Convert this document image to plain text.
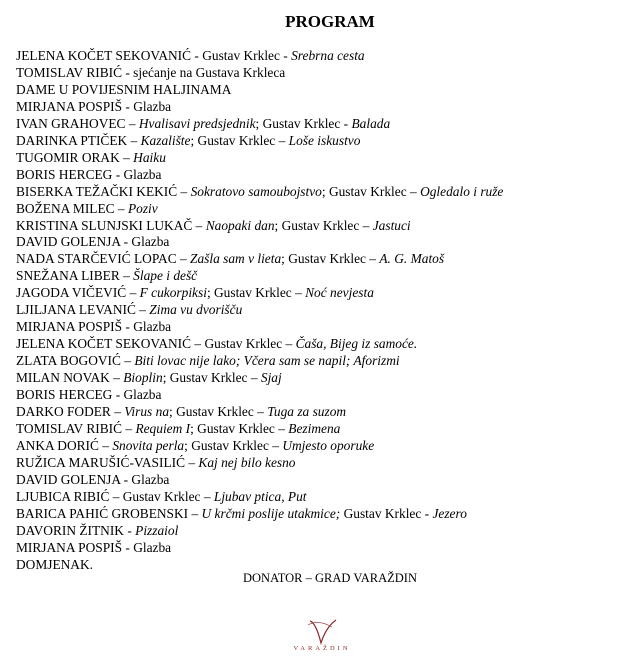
PROGRAM
JELENA KOČET SEKOVANIĆ - Gustav Krklec - Srebrna cesta
TOMISLAV RIBIĆ - sjećanje na Gustava Krkleca
DAME U POVIJESNIM HALJINAMA
MIRJANA POSPIŠ - Glazba
IVAN GRAHOVEC – Hvalisavi predsjednik; Gustav Krklec - Balada
DARINKA PTIČEK – Kazalište; Gustav Krklec – Loše iskustvo
TUGOMIR ORAK – Haiku
BORIS HERCEG - Glazba
BISERKA TEŽAČKI KEKIĆ – Sokratovo samoubojstvo; Gustav Krklec – Ogledalo i ruže
BOŽENA MILEC – Poziv
KRISTINA SLUNJSKI LUKAČ – Naopaki dan; Gustav Krklec – Jastuci
DAVID GOLENJA - Glazba
NADA STARČEVIĆ LOPAC – Zašla sam v lieta; Gustav Krklec – A. G. Matoš
SNEŽANA LIBER – Šlape i dešč
JAGODA VIČEVIĆ – F cukorpiksi; Gustav Krklec – Noć nevjesta
LJILJANA LEVANIĆ – Zima vu dvorišču
MIRJANA POSPIŠ - Glazba
JELENA KOČET SEKOVANIĆ – Gustav Krklec – Čaša, Bijeg iz samoće.
ZLATA BOGOVIĆ – Biti lovac nije lako; Včera sam se napil; Aforizmi
MILAN NOVAK – Bioplin; Gustav Krklec – Sjaj
BORIS HERCEG - Glazba
DARKO FODER – Virus na; Gustav Krklec – Tuga za suzom
TOMISLAV RIBIĆ – Requiem I; Gustav Krklec – Bezimena
ANKA DORIĆ – Snovita perla; Gustav Krklec – Umjesto oporuke
RUŽICA MARUŠIĆ-VASILIĆ – Kaj nej bilo kesno
DAVID GOLENJA - Glazba
LJUBICA RIBIĆ – Gustav Krklec – Ljubav ptica, Put
BARICA PAHIĆ GROBENSKI – U krčmi poslije utakmice; Gustav Krklec - Jezero
DAVORIN ŽITNIK - Pizzaiol
MIRJANA POSPIŠ - Glazba
DOMJENAK.
DONATOR – GRAD VARAŽDIN
VARAŽDIN
